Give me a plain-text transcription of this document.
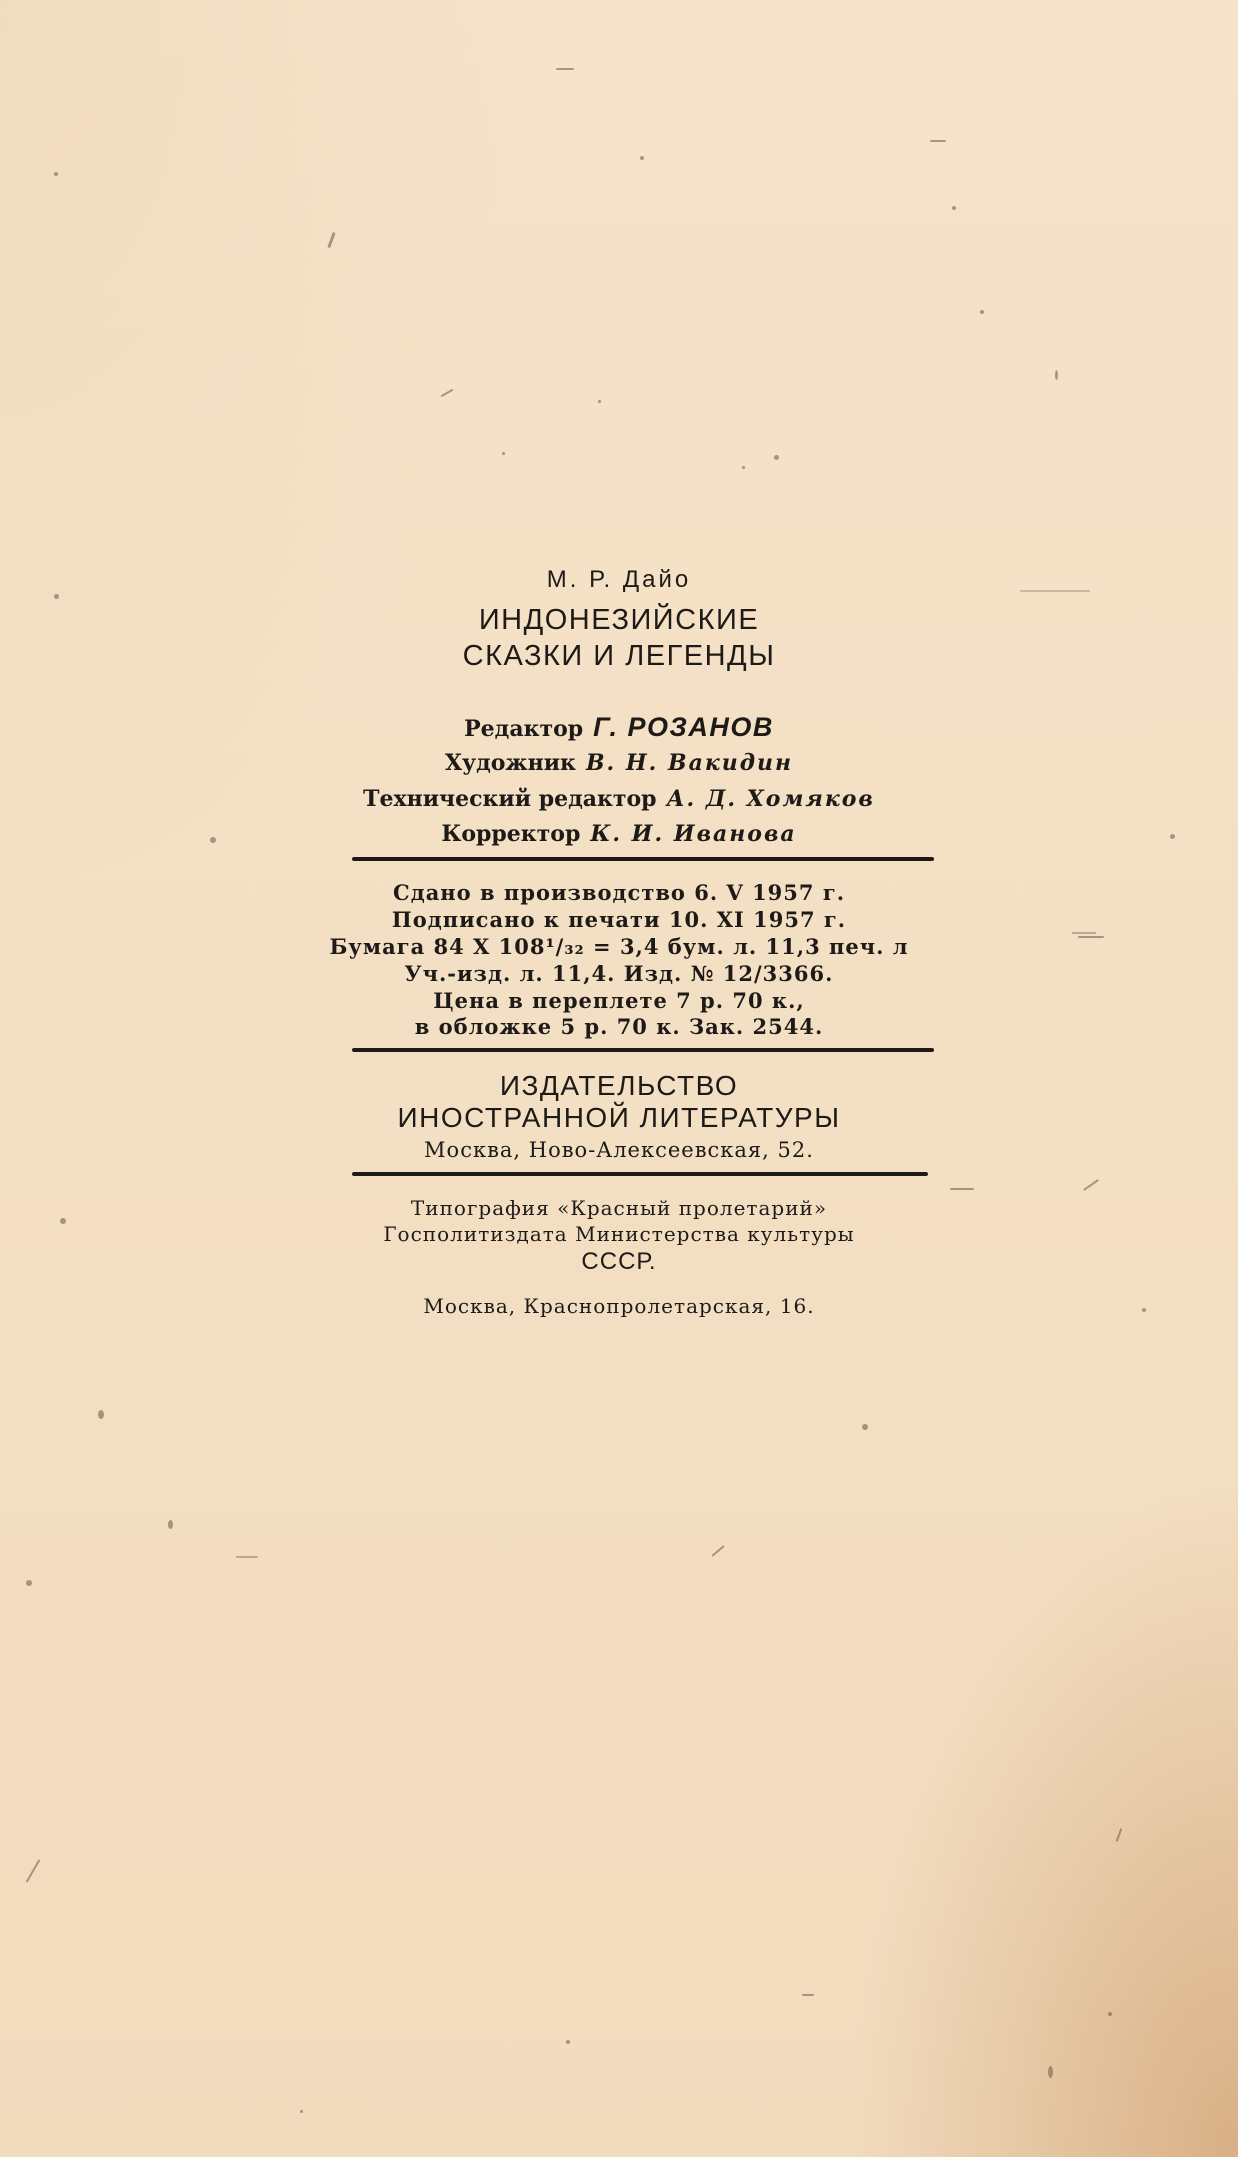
М. Р. Дайо
ИНДОНЕЗИЙСКИЕ
СКАЗКИ И ЛЕГЕНДЫ
Редактор Г. РОЗАНОВ
Художник В. Н. Вакидин
Технический редактор А. Д. Хомяков
Корректор К. И. Иванова
Сдано в производство 6. V 1957 г.
Подписано к печати 10. XI 1957 г.
Бумага 84 X 108¹/₃₂ = 3,4 бум. л. 11,3 печ. л
Уч.-изд. л. 11,4. Изд. № 12/3366.
Цена в переплете 7 р. 70 к.,
в обложке 5 р. 70 к. Зак. 2544.
ИЗДАТЕЛЬСТВО
ИНОСТРАННОЙ ЛИТЕРАТУРЫ
Москва, Ново-Алексеевская, 52.
Типография «Красный пролетарий»
Госполитиздата Министерства культуры
СССР.
Москва, Краснопролетарская, 16.
